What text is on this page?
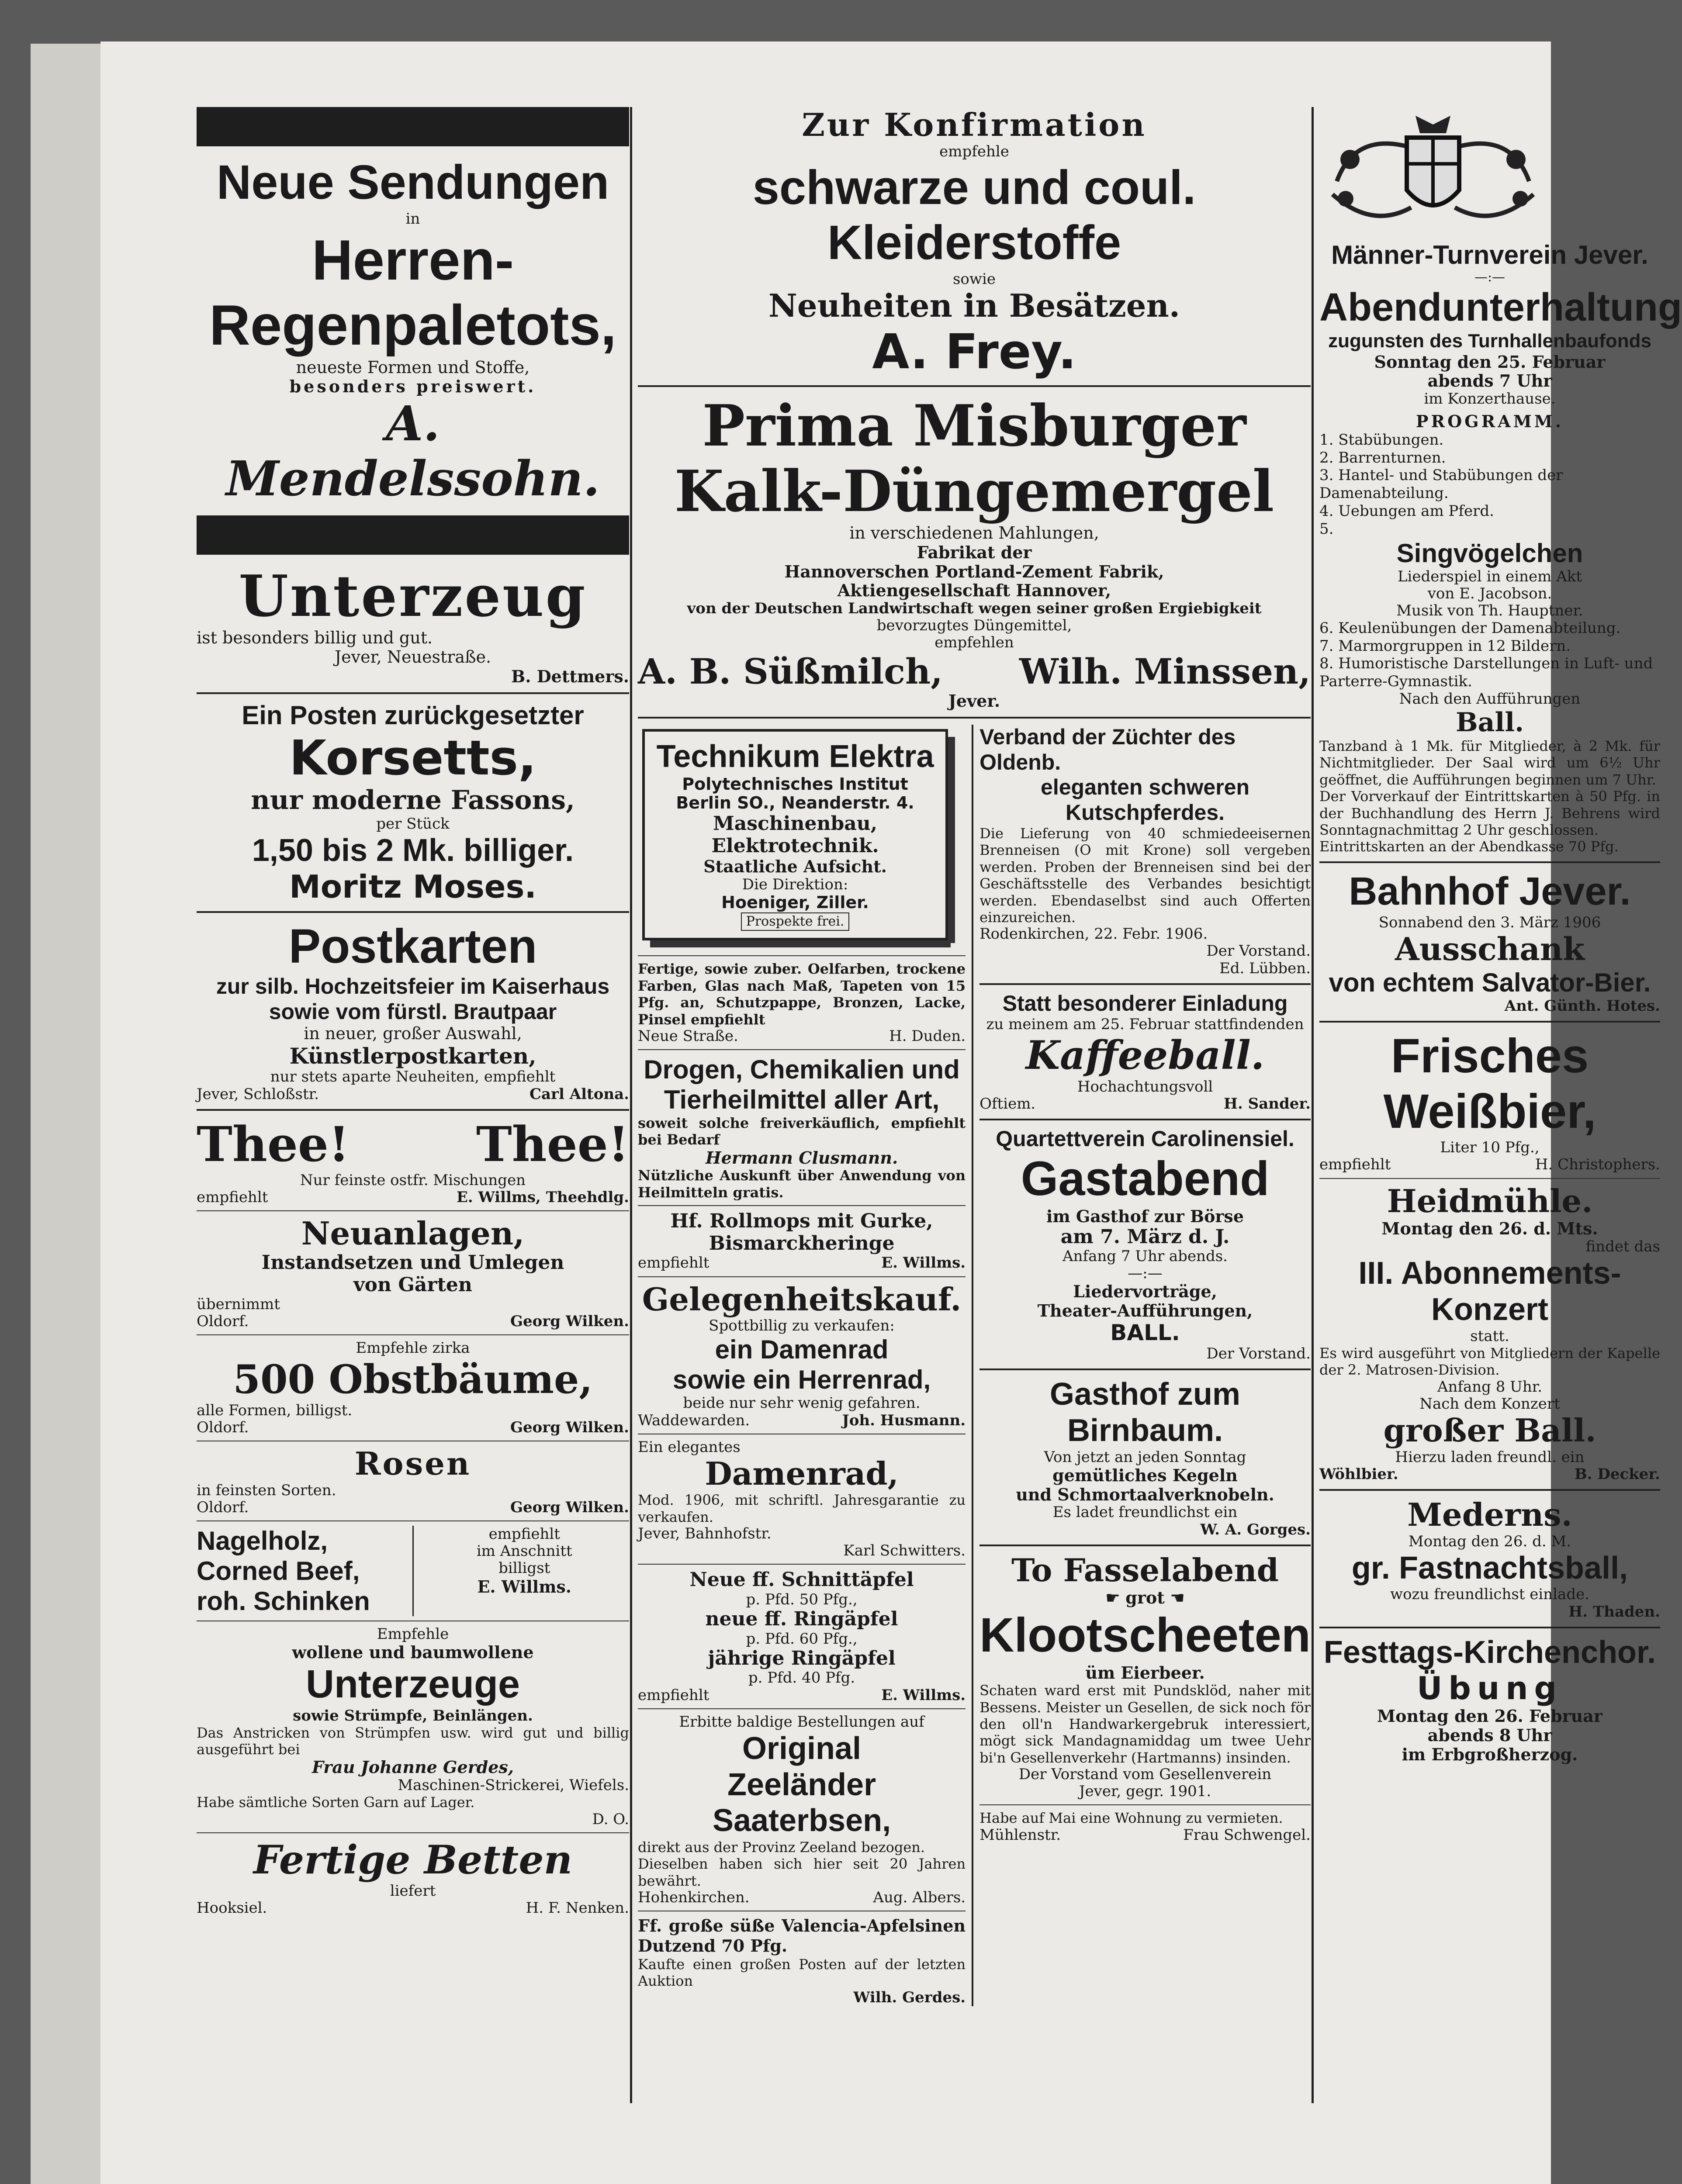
Neue Sendungen
in
Herren-
Regenpaletots,
neueste Formen und Stoffe,
besonders preiswert.
A. Mendelssohn.
Unterzeug
ist besonders billig und gut.
Jever, Neuestraße.
B. Dettmers.
Ein Posten zurückgesetzter
Korsetts,
nur moderne Fassons,
per Stück
1,50 bis 2 Mk. billiger.
Moritz Moses.
Postkarten
zur silb. Hochzeitsfeier im Kaiserhaus
sowie vom fürstl. Brautpaar
in neuer, großer Auswahl,
Künstlerpostkarten,
nur stets aparte Neuheiten, empfiehlt
Jever, Schloßstr.	Carl Altona.
Thee!	Thee!
Nur feinste ostfr. Mischungen
empfiehlt	E. Willms, Theehdlg.
Neuanlagen,
Instandsetzen und Umlegen
von Gärten
übernimmt
Oldorf.	Georg Wilken.
Empfehle zirka
500 Obstbäume,
alle Formen, billigst.
Oldorf.	Georg Wilken.
Rosen
in feinsten Sorten.
Oldorf.	Georg Wilken.
Nagelholz,
Corned Beef,
roh. Schinken
empfiehlt
im Anschnitt
billigst
E. Willms.
Empfehle
wollene und baumwollene
Unterzeuge
sowie Strümpfe, Beinlängen.
Das Anstricken von Strümpfen usw. wird gut und billig ausgeführt bei
Frau Johanne Gerdes,
Maschinen-Strickerei, Wiefels.
Habe sämtliche Sorten Garn auf Lager.
D. O.
Fertige Betten
liefert
Hooksiel.	H. F. Nenken.
Zur Konfirmation
empfehle
schwarze und coul. Kleiderstoffe
sowie
Neuheiten in Besätzen.
A. Frey.
Prima Misburger
Kalk-Düngemergel
in verschiedenen Mahlungen,
Fabrikat der
Hannoverschen Portland-Zement Fabrik,
Aktiengesellschaft Hannover,
von der Deutschen Landwirtschaft wegen seiner großen Ergiebigkeit
bevorzugtes Düngemittel,
empfehlen
A. B. Süßmilch, Wilh. Minssen,
Jever.
Technikum Elektra
Polytechnisches Institut
Berlin SO., Neanderstr. 4.
Maschinenbau,
Elektrotechnik.
Staatliche Aufsicht.
Die Direktion:
Hoeniger, Ziller.
Prospekte frei.
Fertige, sowie zuber. Oelfarben, trockene Farben, Glas nach Maß, Tapeten von 15 Pfg. an, Schutzpappe, Bronzen, Lacke, Pinsel empfiehlt
Neue Straße.	H. Duden.
Drogen, Chemikalien und
Tierheilmittel aller Art,
soweit solche freiverkäuflich, empfiehlt bei Bedarf
Hermann Clusmann.
Nützliche Auskunft über Anwendung von Heilmitteln gratis.
Hf. Rollmops mit Gurke,
Bismarckheringe
empfiehlt	E. Willms.
Gelegenheitskauf.
Spottbillig zu verkaufen:
ein Damenrad
sowie ein Herrenrad,
beide nur sehr wenig gefahren.
Waddewarden.	Joh. Husmann.
Ein elegantes
Damenrad,
Mod. 1906, mit schriftl. Jahresgarantie zu verkaufen.
Jever, Bahnhofstr.
Karl Schwitters.
Neue ff. Schnittäpfel
p. Pfd. 50 Pfg.,
neue ff. Ringäpfel
p. Pfd. 60 Pfg.,
jährige Ringäpfel
p. Pfd. 40 Pfg.
empfiehlt	E. Willms.
Erbitte baldige Bestellungen auf
Original
Zeeländer Saaterbsen,
direkt aus der Provinz Zeeland bezogen.
Dieselben haben sich hier seit 20 Jahren bewährt.
Hohenkirchen.	Aug. Albers.
Ff. große süße Valencia-Apfelsinen Dutzend 70 Pfg.
Kaufte einen großen Posten auf der letzten Auktion
Wilh. Gerdes.
Verband der Züchter des Oldenb.
eleganten schweren Kutschpferdes.
Die Lieferung von 40 schmiedeeisernen Brenneisen (O mit Krone) soll vergeben werden. Proben der Brenneisen sind bei der Geschäftsstelle des Verbandes besichtigt werden. Ebendaselbst sind auch Offerten einzureichen.
Rodenkirchen, 22. Febr. 1906.
Der Vorstand.
Ed. Lübben.
Statt besonderer Einladung
zu meinem am 25. Februar stattfindenden
Kaffeeball.
Hochachtungsvoll
Oftiem.	H. Sander.
Quartettverein Carolinensiel.
Gastabend
im Gasthof zur Börse
am 7. März d. J.
Anfang 7 Uhr abends.
—:—
Liedervorträge,
Theater-Aufführungen,
BALL.
Der Vorstand.
Gasthof zum Birnbaum.
Von jetzt an jeden Sonntag
gemütliches Kegeln
und Schmortaalverknobeln.
Es ladet freundlichst ein
W. A. Gorges.
To Fasselabend
☛ grot ☚
Klootscheeten
üm Eierbeer.
Schaten ward erst mit Pundsklöd, naher mit Bessens. Meister un Gesellen, de sick noch för den oll'n Handwarkergebruk interessiert, mögt sick Mandagnamiddag um twee Uehr bi'n Gesellenverkehr (Hartmanns) insinden.
Der Vorstand vom Gesellenverein
Jever, gegr. 1901.
Habe auf Mai eine Wohnung zu vermieten.
Mühlenstr.	Frau Schwengel.
Männer-Turnverein Jever.
—:—
Abendunterhaltung
zugunsten des Turnhallenbaufonds
Sonntag den 25. Februar
abends 7 Uhr
im Konzerthause.
PROGRAMM.
1. Stabübungen.
2. Barrenturnen.
3. Hantel- und Stabübungen der Damenabteilung.
4. Uebungen am Pferd.
5.
Singvögelchen
Liederspiel in einem Akt
von E. Jacobson.
Musik von Th. Hauptner.
6. Keulenübungen der Damenabteilung.
7. Marmorgruppen in 12 Bildern.
8. Humoristische Darstellungen in Luft- und Parterre-Gymnastik.
Nach den Aufführungen
Ball.
Tanzband à 1 Mk. für Mitglieder, à 2 Mk. für Nichtmitglieder. Der Saal wird um 6½ Uhr geöffnet, die Aufführungen beginnen um 7 Uhr.
Der Vorverkauf der Eintrittskarten à 50 Pfg. in der Buchhandlung des Herrn J. Behrens wird Sonntagnachmittag 2 Uhr geschlossen.
Eintrittskarten an der Abendkasse 70 Pfg.
Bahnhof Jever.
Sonnabend den 3. März 1906
Ausschank
von echtem Salvator-Bier.
Ant. Günth. Hotes.
Frisches Weißbier,
Liter 10 Pfg.,
empfiehlt	H. Christophers.
Heidmühle.
Montag den 26. d. Mts.
findet das
III. Abonnements-Konzert
statt.
Es wird ausgeführt von Mitgliedern der Kapelle der 2. Matrosen-Division.
Anfang 8 Uhr.
Nach dem Konzert
großer Ball.
Hierzu laden freundl. ein
Wöhlbier.	B. Decker.
Mederns.
Montag den 26. d. M.
gr. Fastnachtsball,
wozu freundlichst einlade.
H. Thaden.
Festtags-Kirchenchor.
Übung
Montag den 26. Februar
abends 8 Uhr
im Erbgroßherzog.
